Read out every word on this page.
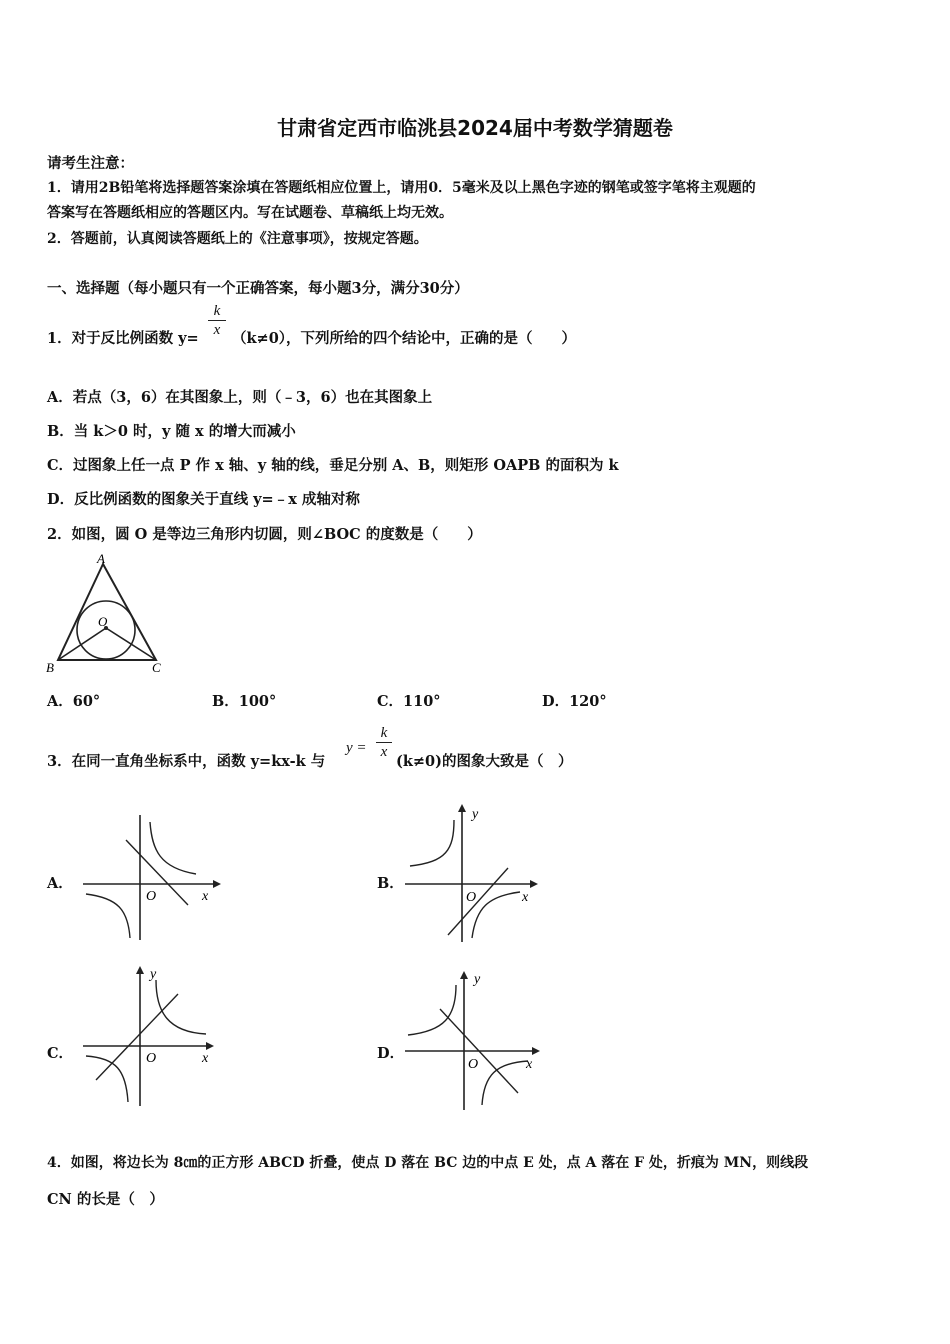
甘肃省定西市临洮县2024届中考数学猜题卷
请考生注意：
1．请用2B铅笔将选择题答案涂填在答题纸相应位置上，请用0．5毫米及以上黑色字迹的钢笔或签字笔将主观题的
答案写在答题纸相应的答题区内。写在试题卷、草稿纸上均无效。
2．答题前，认真阅读答题纸上的《注意事项》，按规定答题。
一、选择题（每小题只有一个正确答案，每小题3分，满分30分）
1．对于反比例函数 y=
k
x （k≠0），下列所给的四个结论中，正确的是（　　）
A．若点（3，6）在其图象上，则（﹣3，6）也在其图象上
B．当 k＞0 时，y 随 x 的增大而减小
C．过图象上任一点 P 作 x 轴、y 轴的线，垂足分别 A、B，则矩形 OAPB 的面积为 k
D．反比例函数的图象关于直线 y=﹣x 成轴对称
2．如图，圆 O 是等边三角形内切圆，则∠BOC 的度数是（　　）
A
O
B	C
A．60°	B．100°	C．110°	D．120°
3．在同一直角坐标系中，函数 y=kx-k 与
y =
k
x
(k≠0)的图象大致是（　）
A．
O	x
B．
y
O	x
C．
y
O	x	D．
y
O	x
4．如图，将边长为 8㎝的正方形 ABCD 折叠，使点 D 落在 BC 边的中点 E 处，点 A 落在 F 处，折痕为 MN，则线段
CN 的长是（　）
